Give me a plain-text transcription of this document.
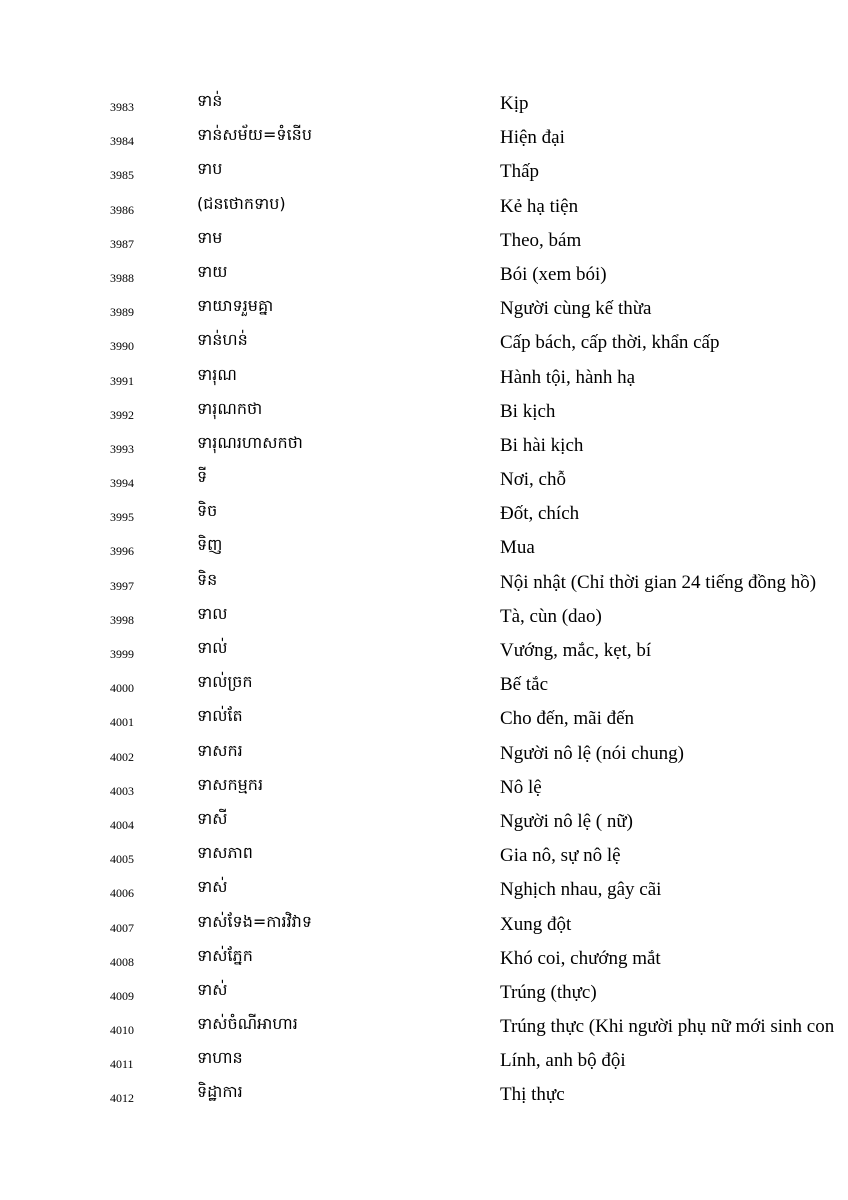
3983	ទាន់	Kịp
3984	ទាន់សម័យ=ទំនើប	Hiện đại
3985	ទាប	Thấp
3986	(ជនថោកទាប)	Kẻ hạ tiện
3987	ទាម	Theo, bám
3988	ទាយ	Bói (xem bói)
3989	ទាយាទរួមគ្នា	Người cùng kế thừa
3990	ទាន់ហន់	Cấp bách, cấp thời, khẩn cấp
3991	ទារុណ	Hành tội, hành hạ
3992	ទារុណកថា	Bi kịch
3993	ទារុណរហាសកថា	Bi hài kịch
3994	ទី	Nơi, chỗ
3995	ទិច	Đốt, chích
3996	ទិញ	Mua
3997	ទិន	Nội nhật (Chỉ thời gian 24 tiếng đồng hồ)
3998	ទាល	Tà, cùn (dao)
3999	ទាល់	Vướng, mắc, kẹt, bí
4000	ទាល់ច្រក	Bế tắc
4001	ទាល់តែ	Cho đến, mãi đến
4002	ទាសករ	Người nô lệ (nói chung)
4003	ទាសកម្មករ	Nô lệ
4004	ទាសី	Người nô lệ ( nữ)
4005	ទាសភាព	Gia nô, sự nô lệ
4006	ទាស់	Nghịch nhau, gây cãi
4007	ទាស់ទែង=ការវិវាទ	Xung đột
4008	ទាស់ភ្នែក	Khó coi, chướng mắt
4009	ទាស់	Trúng (thực)
4010	ទាស់ចំណីអាហារ	Trúng thực (Khi người phụ nữ mới sinh con
4011	ទាហាន	Lính, anh bộ đội
4012	ទិដ្ឋាការ	Thị thực
